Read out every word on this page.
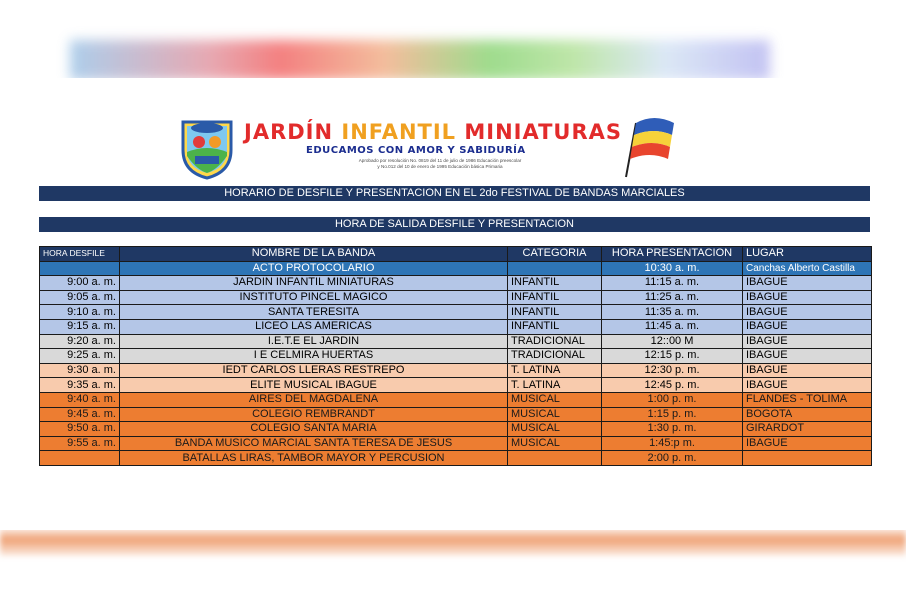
JARDÍN INFANTIL MINIATURAS
EDUCAMOS CON AMOR Y SABIDURÍA
Aprobado por resolución No. 0819 del 11 de julio de 1986 Educación preescolar
y No.012 del 10 de enero de 1995 Educación básica Primaria
HORARIO DE DESFILE Y PRESENTACION EN EL 2do FESTIVAL DE BANDAS MARCIALES
HORA DE SALIDA DESFILE Y PRESENTACION
HORA DESFILE	NOMBRE DE LA BANDA	CATEGORIA	HORA PRESENTACION	LUGAR
	ACTO PROTOCOLARIO		10:30 a. m.	Canchas Alberto Castilla
9:00 a. m.	JARDIN INFANTIL MINIATURAS	INFANTIL	11:15 a. m.	IBAGUE
9:05 a. m.	INSTITUTO PINCEL MAGICO	INFANTIL	11:25 a. m.	IBAGUE
9:10 a. m.	SANTA TERESITA	INFANTIL	11:35 a. m.	IBAGUE
9:15 a. m.	LICEO LAS AMERICAS	INFANTIL	11:45 a. m.	IBAGUE
9:20 a. m.	I.E.T.E EL JARDIN	TRADICIONAL	12::00 M	IBAGUE
9:25 a. m.	I E CELMIRA HUERTAS	TRADICIONAL	12:15 p. m.	IBAGUE
9:30 a. m.	IEDT CARLOS LLERAS RESTREPO	T. LATINA	12:30 p. m.	IBAGUE
9:35 a. m.	ELITE MUSICAL IBAGUE	T. LATINA	12:45 p. m.	IBAGUE
9:40 a. m.	AIRES DEL MAGDALENA	MUSICAL	1:00 p. m.	FLANDES - TOLIMA
9:45 a. m.	COLEGIO REMBRANDT	MUSICAL	1:15 p. m.	BOGOTA
9:50 a. m.	COLEGIO SANTA MARIA	MUSICAL	1:30 p. m.	GIRARDOT
9:55 a. m.	BANDA MUSICO MARCIAL SANTA TERESA DE JESUS	MUSICAL	1:45:p m.	IBAGUE
	BATALLAS LIRAS, TAMBOR MAYOR Y PERCUSION		2:00 p. m.	
